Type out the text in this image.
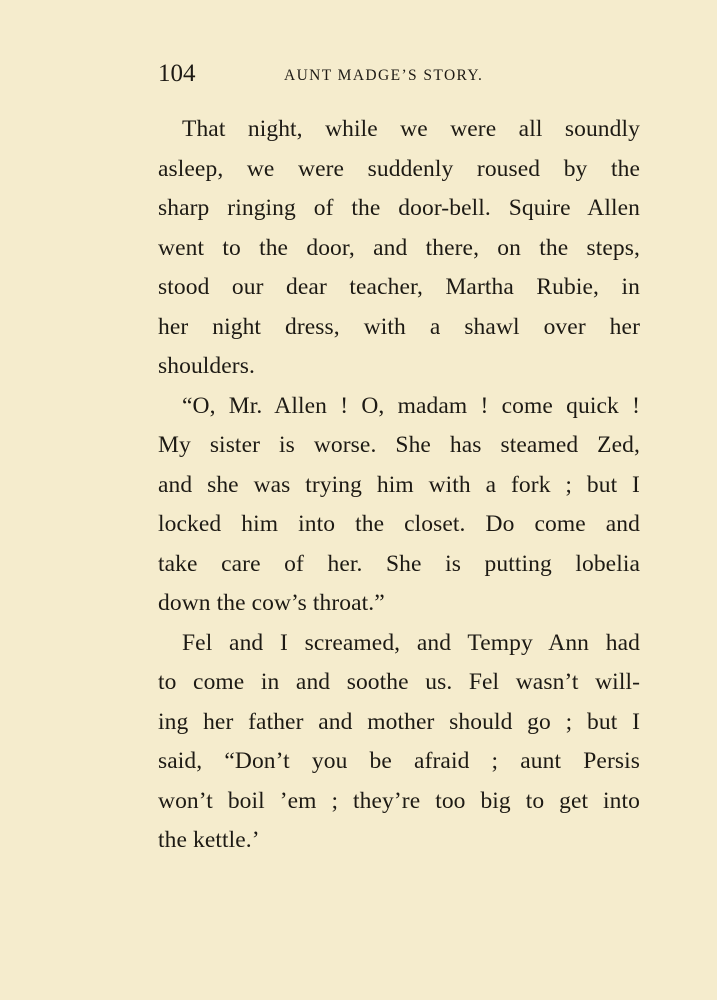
104	AUNT MADGE’S STORY.
That night, while we were all soundly
asleep, we were suddenly roused by the
sharp ringing of the door-bell. Squire Allen
went to the door, and there, on the steps,
stood our dear teacher, Martha Rubie, in
her night dress, with a shawl over her
shoulders.
“O, Mr. Allen ! O, madam ! come quick !
My sister is worse. She has steamed Zed,
and she was trying him with a fork ; but I
locked him into the closet. Do come and
take care of her. She is putting lobelia
down the cow’s throat.”
Fel and I screamed, and Tempy Ann had
to come in and soothe us. Fel wasn’t will-
ing her father and mother should go ; but I
said, “Don’t you be afraid ; aunt Persis
won’t boil ’em ; they’re too big to get into
the kettle.’
